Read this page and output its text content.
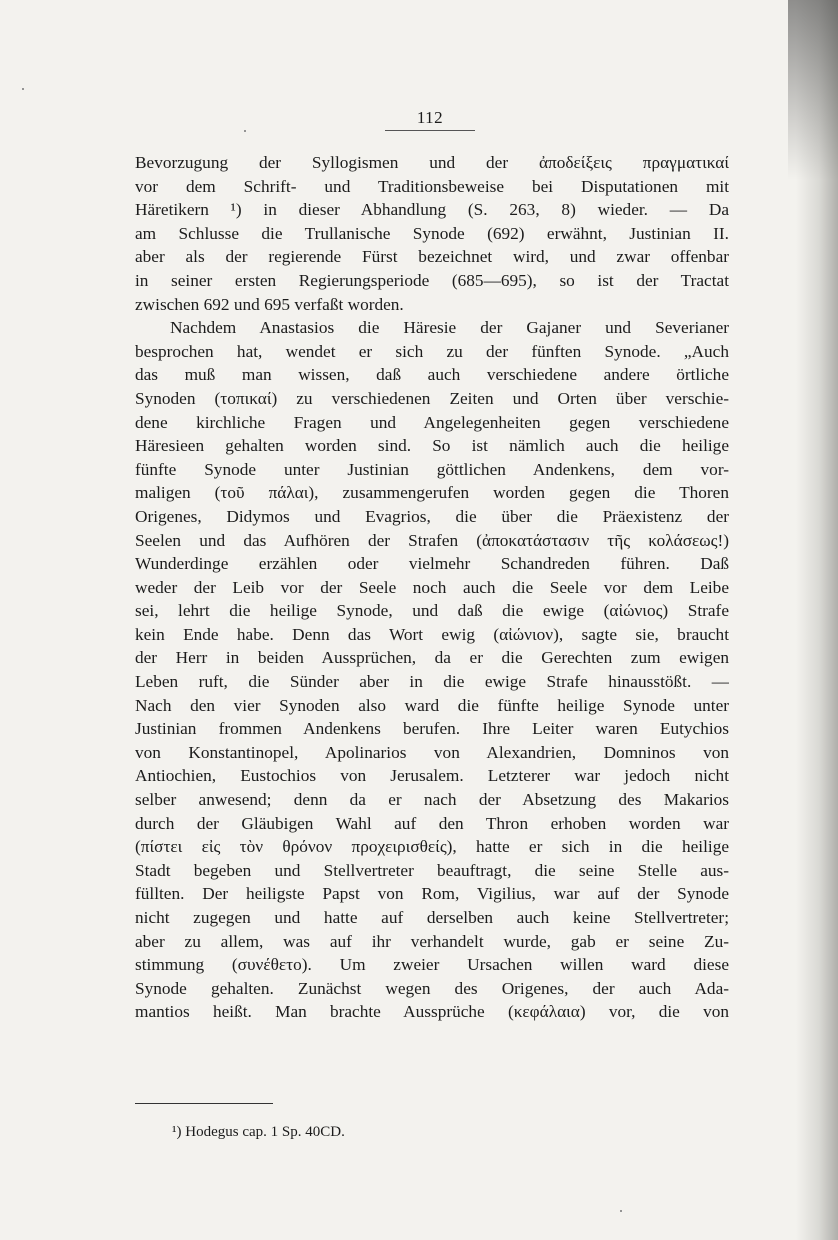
112
Bevorzugung der Syllogismen und der ἀποδείξεις πραγματικαί
vor dem Schrift- und Traditionsbeweise bei Disputationen mit
Häretikern ¹) in dieser Abhandlung (S. 263, 8) wieder. — Da
am Schlusse die Trullanische Synode (692) erwähnt, Justinian II.
aber als der regierende Fürst bezeichnet wird, und zwar offenbar
in seiner ersten Regierungsperiode (685—695), so ist der Tractat
zwischen 692 und 695 verfaßt worden.
Nachdem Anastasios die Häresie der Gajaner und Severianer
besprochen hat, wendet er sich zu der fünften Synode. „Auch
das muß man wissen, daß auch verschiedene andere örtliche
Synoden (τοπικαί) zu verschiedenen Zeiten und Orten über verschie-
dene kirchliche Fragen und Angelegenheiten gegen verschiedene
Häresieen gehalten worden sind. So ist nämlich auch die heilige
fünfte Synode unter Justinian göttlichen Andenkens, dem vor-
maligen (τοῦ πάλαι), zusammengerufen worden gegen die Thoren
Origenes, Didymos und Evagrios, die über die Präexistenz der
Seelen und das Aufhören der Strafen (ἀποκατάστασιν τῆς κολάσεως!)
Wunderdinge erzählen oder vielmehr Schandreden führen. Daß
weder der Leib vor der Seele noch auch die Seele vor dem Leibe
sei, lehrt die heilige Synode, und daß die ewige (αἰώνιος) Strafe
kein Ende habe. Denn das Wort ewig (αἰώνιον), sagte sie, braucht
der Herr in beiden Aussprüchen, da er die Gerechten zum ewigen
Leben ruft, die Sünder aber in die ewige Strafe hinausstößt. —
Nach den vier Synoden also ward die fünfte heilige Synode unter
Justinian frommen Andenkens berufen. Ihre Leiter waren Eutychios
von Konstantinopel, Apolinarios von Alexandrien, Domninos von
Antiochien, Eustochios von Jerusalem. Letzterer war jedoch nicht
selber anwesend; denn da er nach der Absetzung des Makarios
durch der Gläubigen Wahl auf den Thron erhoben worden war
(πίστει εἰς τὸν θρόνον προχειρισθείς), hatte er sich in die heilige
Stadt begeben und Stellvertreter beauftragt, die seine Stelle aus-
füllten. Der heiligste Papst von Rom, Vigilius, war auf der Synode
nicht zugegen und hatte auf derselben auch keine Stellvertreter;
aber zu allem, was auf ihr verhandelt wurde, gab er seine Zu-
stimmung (συνέθετο). Um zweier Ursachen willen ward diese
Synode gehalten. Zunächst wegen des Origenes, der auch Ada-
mantios heißt. Man brachte Aussprüche (κεφάλαια) vor, die von
¹) Hodegus cap. 1 Sp. 40CD.
